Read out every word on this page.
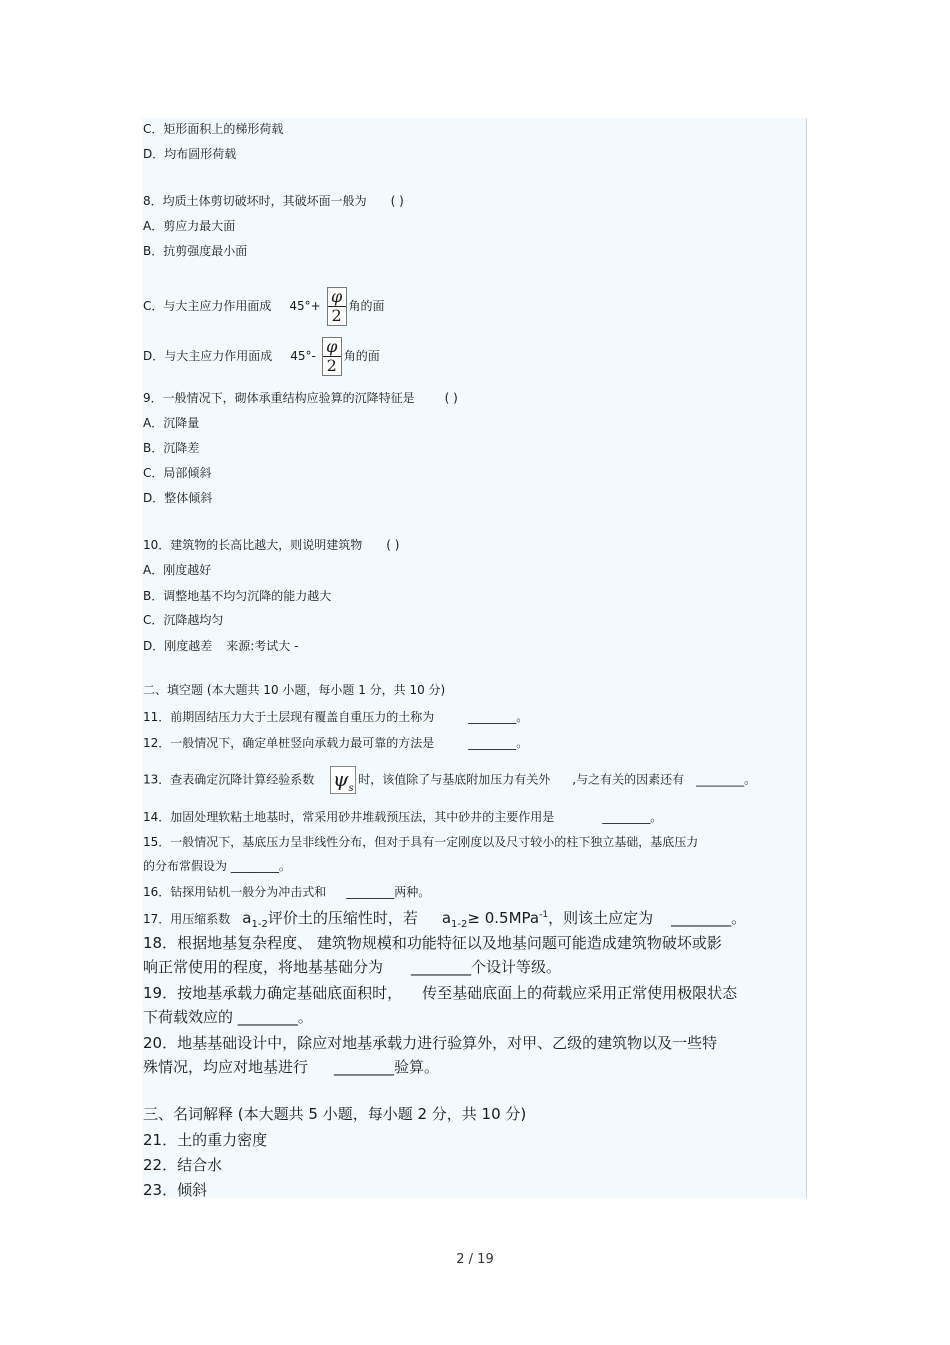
C．矩形面积上的梯形荷载
D．均布圆形荷载
8．均质土体剪切破坏时，其破坏面一般为 ( )
A．剪应力最大面
B．抗剪强度最小面
C．与大主应力作用面成 $45^\circ+ \frac{\varphi}{2}$ 角的面
D．与大主应力作用面成 $45^\circ- \frac{\varphi}{2}$ 角的面
9．一般情况下，砌体承重结构应验算的沉降特征是	( )
A．沉降量
B．沉降差
C．局部倾斜
D．整体倾斜
10．建筑物的长高比越大，则说明建筑物 ( )
A．刚度越好
B．调整地基不均匀沉降的能力越大
C．沉降越均匀
D．刚度越差 来源:考试大 -
二、填空题 (本大题共 10 小题，每小题 1 分，共 10 分)
11．前期固结压力大于土层现有覆盖自重压力的土称为	________。
12．一般情况下，确定单桩竖向承载力最可靠的方法是	________。
13．查表确定沉降计算经验系数 $\psi_s$时，该值除了与基底附加压力有关外 ,与之有关的因素还有 ________。
14．加固处理软粘土地基时，常采用砂井堆载预压法，其中砂井的主要作用是	________。
15．一般情况下，基底压力呈非线性分布，但对于具有一定刚度以及尺寸较小的柱下独立基础，基底压力
的分布常假设为 ________。
16．钻探用钻机一般分为冲击式和 ________两种。
17．用压缩系数 $a_{1-2}$评价土的压缩性时，若 $a_{1-2}\ge 0.5MPa^{-1}$，则该土应定为 ________。
18．根据地基复杂程度、 建筑物规模和功能特征以及地基问题可能造成建筑物破坏或影
响正常使用的程度，将地基基础分为 ________个设计等级。
19．按地基承载力确定基础底面积时， 传至基础底面上的荷载应采用正常使用极限状态
下荷载效应的 ________。
20．地基基础设计中，除应对地基承载力进行验算外，对甲、乙级的建筑物以及一些特
殊情况，均应对地基进行 ________验算。
三、名词解释 (本大题共 5 小题，每小题 2 分，共 10 分)
21．土的重力密度
22．结合水
23．倾斜
2 / 19
